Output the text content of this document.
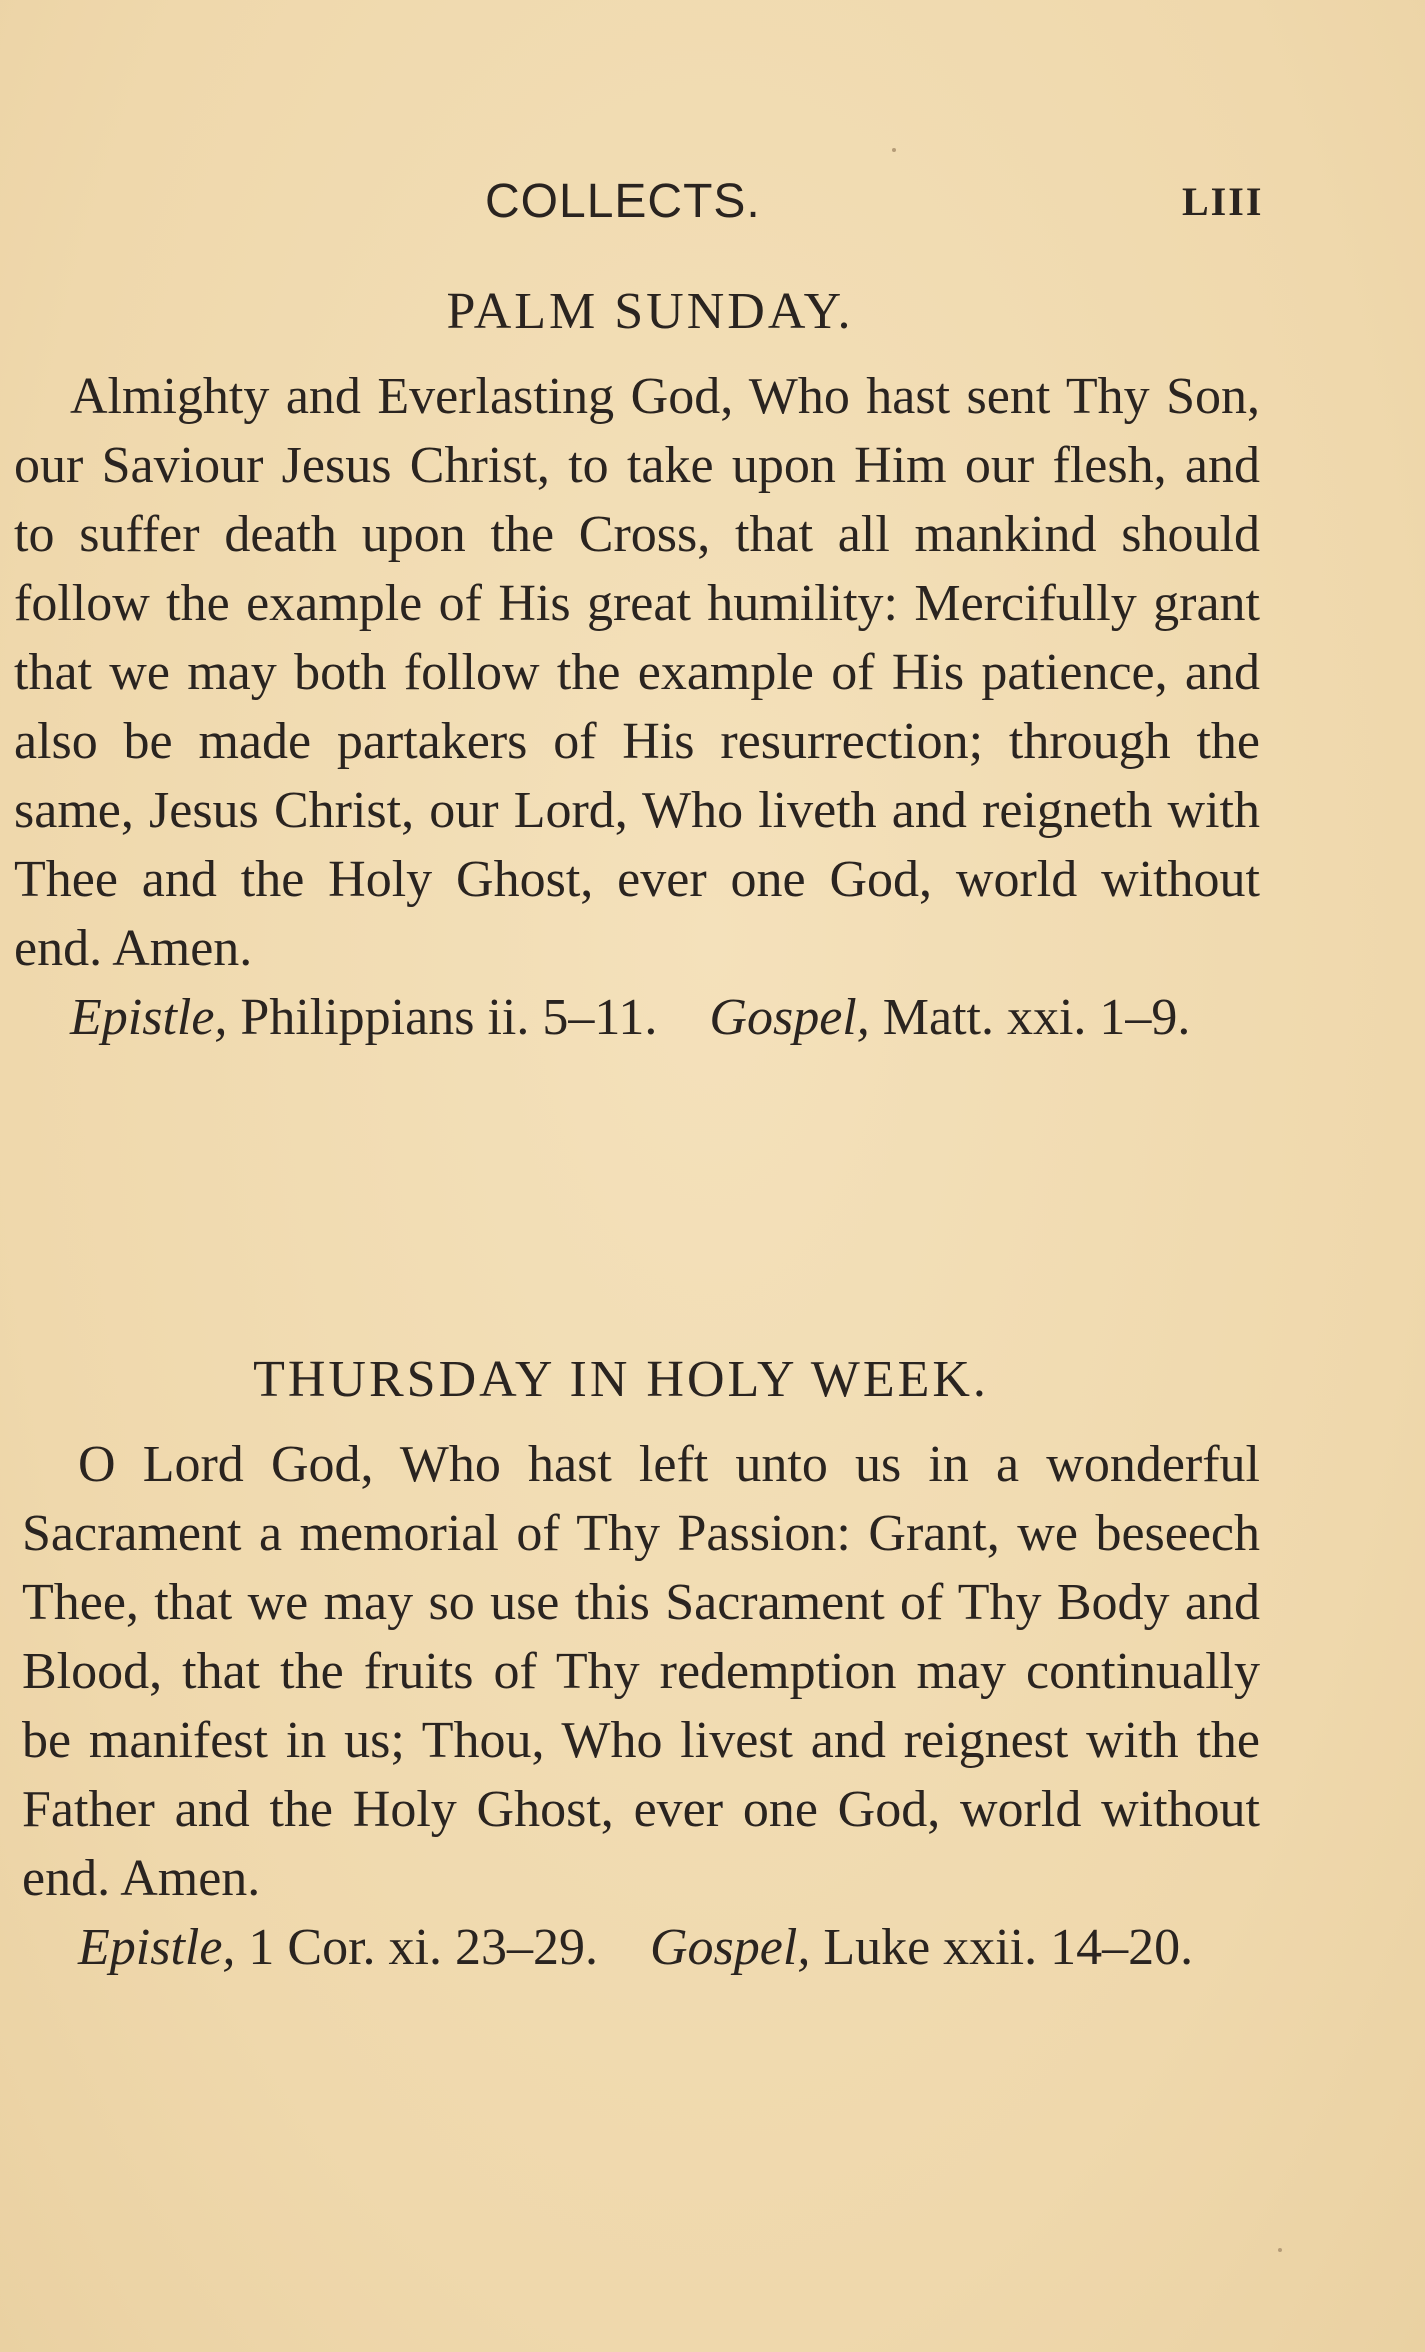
COLLECTS.	LIII
PALM SUNDAY.

Almighty and Everlasting God, Who hast sent Thy Son, our Saviour Jesus Christ, to take upon Him our flesh, and to suffer death upon the Cross, that all mankind should follow the example of His great humility: Mercifully grant that we may both follow the example of His patience, and also be made partakers of His resurrection; through the same, Jesus Christ, our Lord, Who liveth and reigneth with Thee and the Holy Ghost, ever one God, world without end. Amen.

Epistle, Philippians ii. 5–11. Gospel, Matt. xxi. 1–9.

THURSDAY IN HOLY WEEK.

O Lord God, Who hast left unto us in a wonderful Sacrament a memorial of Thy Passion: Grant, we beseech Thee, that we may so use this Sacrament of Thy Body and Blood, that the fruits of Thy redemption may continually be manifest in us; Thou, Who livest and reignest with the Father and the Holy Ghost, ever one God, world without end. Amen.

Epistle, 1 Cor. xi. 23–29. Gospel, Luke xxii. 14–20.
